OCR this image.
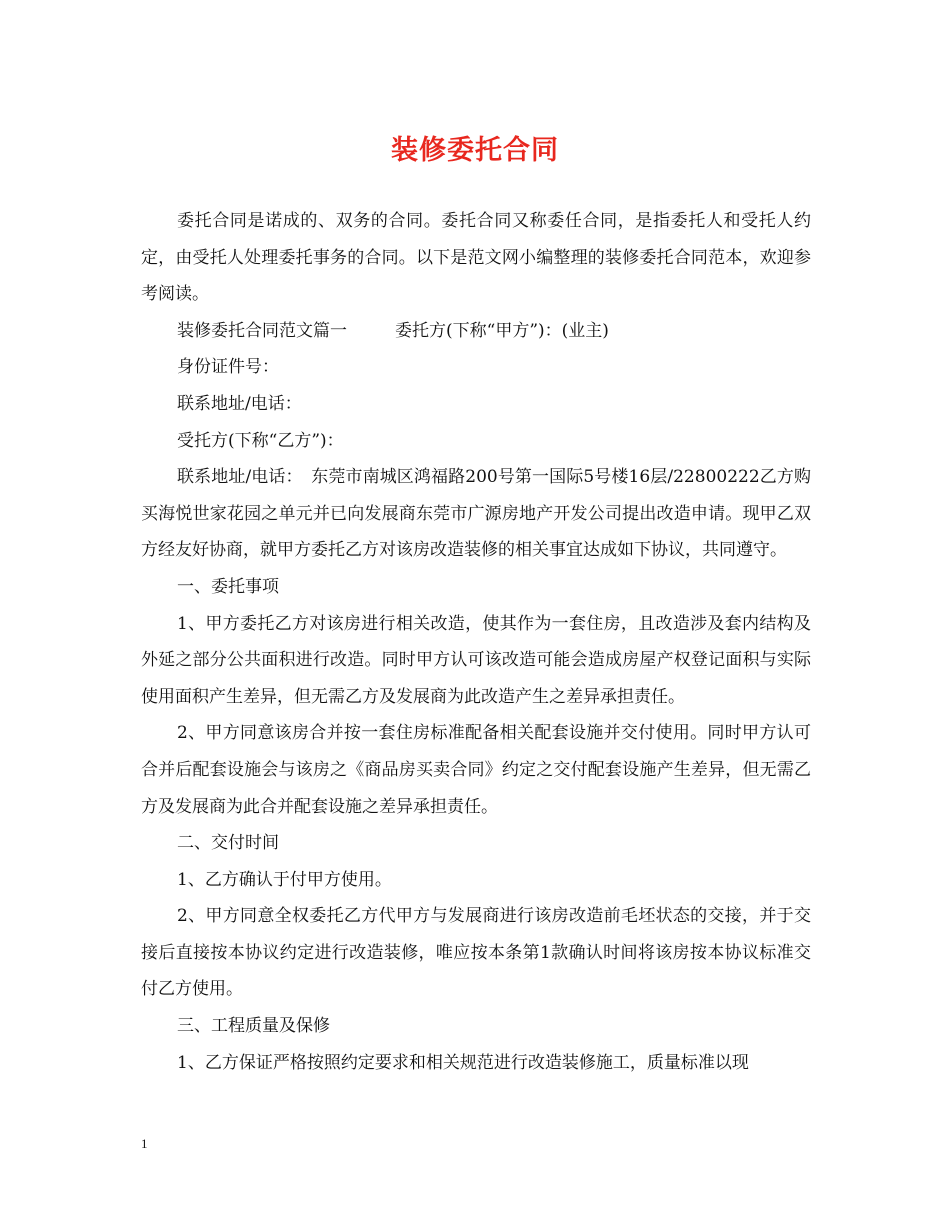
装修委托合同

委托合同是诺成的、双务的合同。委托合同又称委任合同，是指委托人和受托人约定，由受托人处理委托事务的合同。以下是范文网小编整理的装修委托合同范本，欢迎参考阅读。

装修委托合同范文篇一	委托方(下称“甲方”)：(业主)

身份证件号：

联系地址/电话：

受托方(下称“乙方”)：

联系地址/电话：　东莞市南城区鸿福路200号第一国际5号楼16层/22800222乙方购买海悦世家花园之单元并已向发展商东莞市广源房地产开发公司提出改造申请。现甲乙双方经友好协商，就甲方委托乙方对该房改造装修的相关事宜达成如下协议，共同遵守。

一、委托事项

1、甲方委托乙方对该房进行相关改造，使其作为一套住房，且改造涉及套内结构及外延之部分公共面积进行改造。同时甲方认可该改造可能会造成房屋产权登记面积与实际使用面积产生差异，但无需乙方及发展商为此改造产生之差异承担责任。

2、甲方同意该房合并按一套住房标准配备相关配套设施并交付使用。同时甲方认可合并后配套设施会与该房之《商品房买卖合同》约定之交付配套设施产生差异，但无需乙方及发展商为此合并配套设施之差异承担责任。

二、交付时间

1、乙方确认于付甲方使用。

2、甲方同意全权委托乙方代甲方与发展商进行该房改造前毛坯状态的交接，并于交接后直接按本协议约定进行改造装修，唯应按本条第1款确认时间将该房按本协议标准交付乙方使用。

三、工程质量及保修

1、乙方保证严格按照约定要求和相关规范进行改造装修施工，质量标准以现

1
